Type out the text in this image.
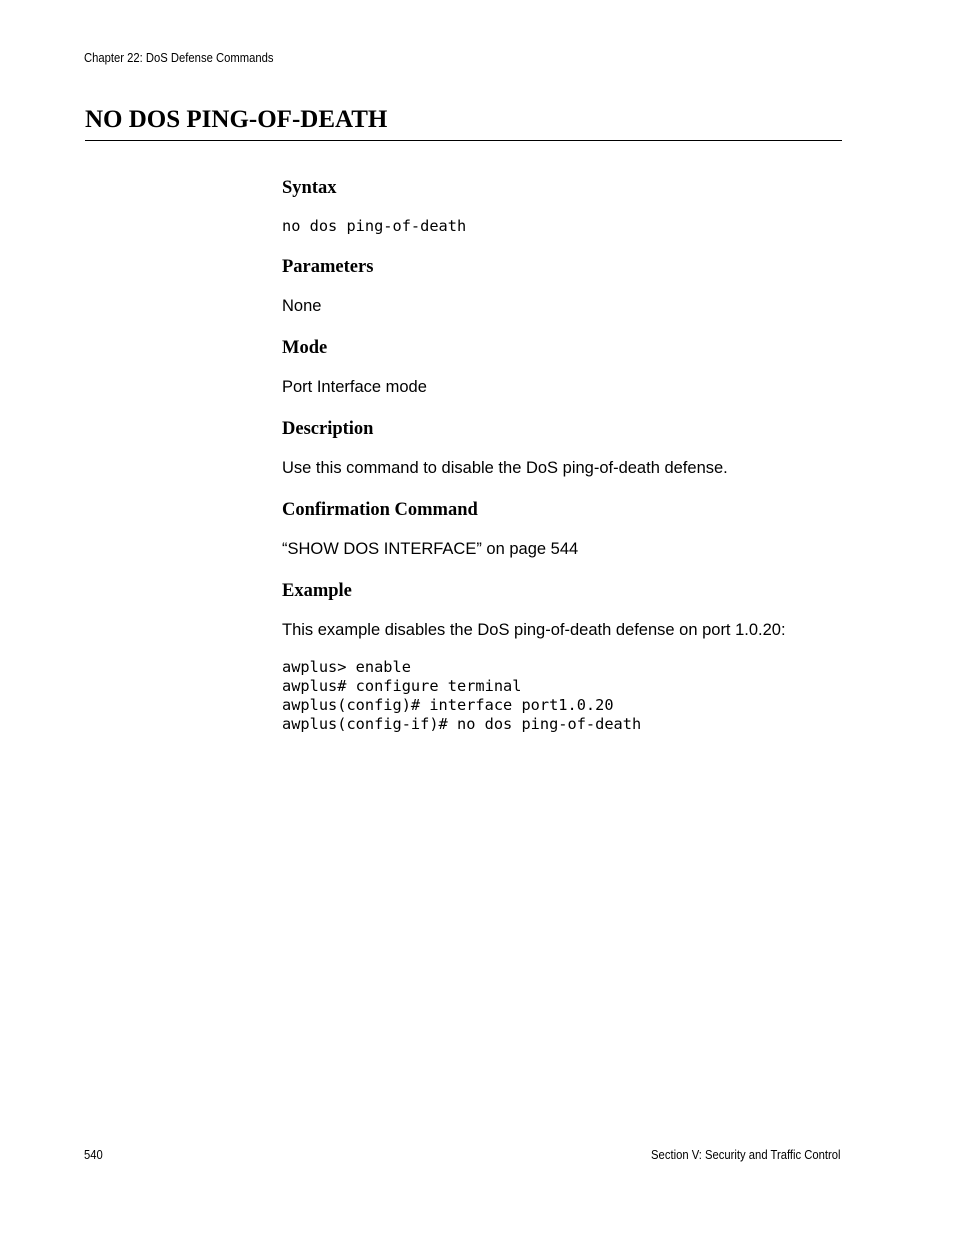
Chapter 22: DoS Defense Commands
NO DOS PING-OF-DEATH
Syntax
no dos ping-of-death
Parameters

None

Mode

Port Interface mode

Description

Use this command to disable the DoS ping-of-death defense.

Confirmation Command

“SHOW DOS INTERFACE” on page 544

Example

This example disables the DoS ping-of-death defense on port 1.0.20:

awplus> enable
awplus# configure terminal
awplus(config)# interface port1.0.20
awplus(config-if)# no dos ping-of-death
540	Section V: Security and Traffic Control
